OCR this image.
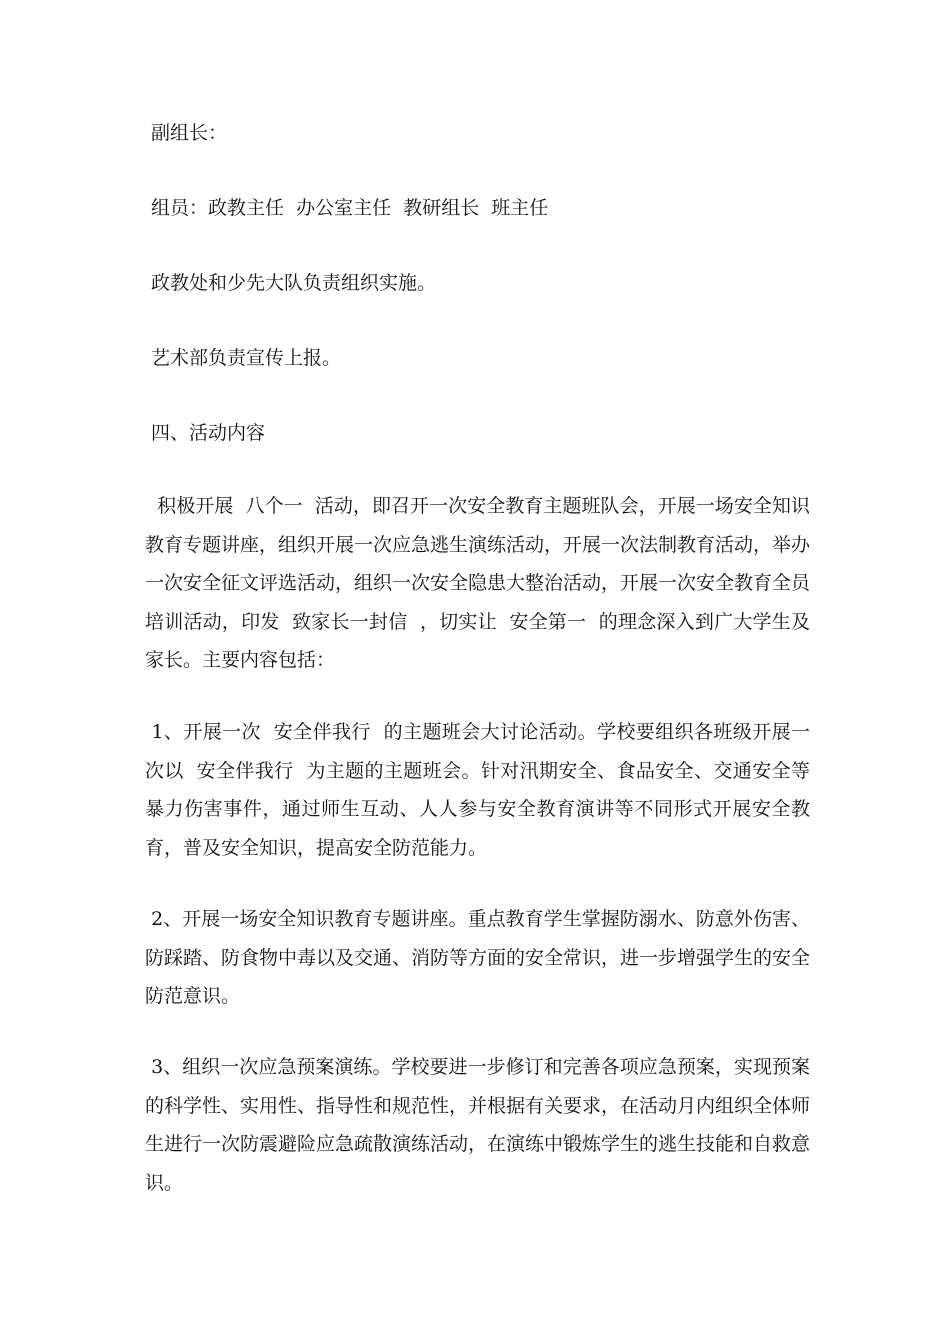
副组长：

组员：政教主任  办公室主任  教研组长  班主任

政教处和少先大队负责组织实施。

艺术部负责宣传上报。

四、活动内容

积极开展  八个一  活动，即召开一次安全教育主题班队会，开展一场安全知识教育专题讲座，组织开展一次应急逃生演练活动，开展一次法制教育活动，举办一次安全征文评选活动，组织一次安全隐患大整治活动，开展一次安全教育全员培训活动，印发  致家长一封信  ，切实让  安全第一  的理念深入到广大学生及家长。主要内容包括：

1、开展一次  安全伴我行  的主题班会大讨论活动。学校要组织各班级开展一次以  安全伴我行  为主题的主题班会。针对汛期安全、食品安全、交通安全等暴力伤害事件，通过师生互动、人人参与安全教育演讲等不同形式开展安全教育，普及安全知识，提高安全防范能力。

2、开展一场安全知识教育专题讲座。重点教育学生掌握防溺水、防意外伤害、防踩踏、防食物中毒以及交通、消防等方面的安全常识，进一步增强学生的安全防范意识。

3、组织一次应急预案演练。学校要进一步修订和完善各项应急预案，实现预案的科学性、实用性、指导性和规范性，并根据有关要求，在活动月内组织全体师生进行一次防震避险应急疏散演练活动，在演练中锻炼学生的逃生技能和自救意识。
